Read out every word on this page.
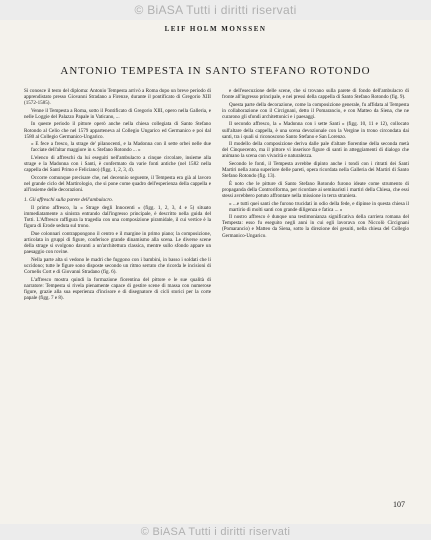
© BiASA Tutti i diritti riservati
LEIF HOLM MONSSEN
ANTONIO TEMPESTA IN SANTO STEFANO ROTONDO

Si conosce il testo del diploma: Antonio Tempesta arrivò a Roma dopo un breve periodo di apprendistato presso Giovanni Stradano a Firenze, durante il pontificato di Gregorio XIII (1572-1585).

Venne il Tempesta a Roma, sotto il Pontificato di Gregorio XIII, opero nella Galleria, e nelle Loggie del Palazzo Papale in Vaticano, ...

In queste periodo il pittore operò anche nella chiesa collegiata di Santo Stefano Rotondo al Celio che nel 1579 apparteneva al Collegio Ungarico ed Germanico e poi dal 1580 al Collegio Germanico-Ungarico.

« E fece a fresco, la strage de' pilanocenti, e la Madonna con il sette orbei nelle due facciate dell'altar maggiore in s. Stefano Rotondo ... »

L'elenco di affreschi da lui eseguiti nell'ambulacro a cinque circolare, insieme alla strage e la Madonna con i Santi, è confermato da varie fonti antiche (nel 1582 nella cappella dei Santi Primo e Feliciano) (figg. 1, 2, 3, 4).

Occorre comunque precisare che, nel decennio seguente, il Tempesta era già al lavoro nel grande ciclo del Martirologio, che si pone come quadro dell'esperienza della cappella e all'insieme delle decorazioni.

1. Gli affreschi sulla parete dell'ambulacro.

Il primo affresco, la « Strage degli Innocenti » (figg. 1, 2, 3, 4 e 5) situato immediatamente a sinistra entrando dall'ingresso principale, è descritto nella guida del Totti. L'Affresco raffigura la tragedia con una composizione piramidale, il cui vertice è la figura di Erode seduta sul trono.

Due colonnari contrappongono il centro e il margine in primo piano; la composizione, articolata in gruppi di figure, conferisce grande dinamismo alla scena. Le diverse scene della strage si svolgono davanti a un'architettura classica, mentre sullo sfondo appare un paesaggio con rovine.

Nella parte alta si vedono le madri che fuggono con i bambini, in basso i soldati che li uccidono; tutte le figure sono disposte secondo un ritmo serrato che ricorda le incisioni di Cornelis Cort e di Giovanni Stradano (fig. 6).

L'affresco mostra quindi la formazione fiorentina del pittore e le sue qualità di narratore: Tempesta si rivela pienamente capace di gestire scene di massa con numerose figure, grazie alla sua esperienza d'incisore e di disegnatore di cicli storici per la corte papale (figg. 7 e 8).

e dell'esecuzione delle scene, che si trovano sulla parete di fondo dell'ambulacro di fronte all'ingresso principale, e nei pressi della cappella di Santo Stefano Rotondo (fig. 9).

Questa parte della decorazione, come la composizione generale, fu affidata al Tempesta in collaborazione con il Circignani, detto il Pomarancio, e con Matteo da Siena, che ne curarono gli sfondi architettonici e i paesaggi.

Il secondo affresco, la « Madonna con i sette Santi » (figg. 10, 11 e 12), collocato sull'altare della cappella, è una scena devozionale con la Vergine in trono circondata dai santi, tra i quali si riconoscono Santo Stefano e San Lorenzo.

Il modello della composizione deriva dalle pale d'altare fiorentine della seconda metà del Cinquecento, ma il pittore vi inserisce figure di santi in atteggiamenti di dialogo che animano la scena con vivacità e naturalezza.

Secondo le fonti, il Tempesta avrebbe dipinto anche i tondi con i ritratti dei Santi Martiri nella zona superiore delle pareti, opera ricordata nella Galleria dei Martiri di Santo Stefano Rotondo (fig. 13).

È noto che le pitture di Santo Stefano Rotondo furono ideate come strumento di propaganda della Controriforma, per ricordare ai seminaristi i martiri della Chiesa, che essi stessi avrebbero potuto affrontare nella missione in terra straniera.

« ...e tutti quei santi che furono trucidati in odio della fede, e dipinse in questa chiesa il martirio di molti santi con grande diligenza e fatica ... »

Il nostro affresco è dunque una testimonianza significativa della carriera romana del Tempesta: esso fu eseguito negli anni in cui egli lavorava con Niccolò Circignani (Pomarancio) e Matteo da Siena, sotto la direzione dei gesuiti, nella chiesa del Collegio Germanico-Ungarico.

107
© BiASA Tutti i diritti riservati
